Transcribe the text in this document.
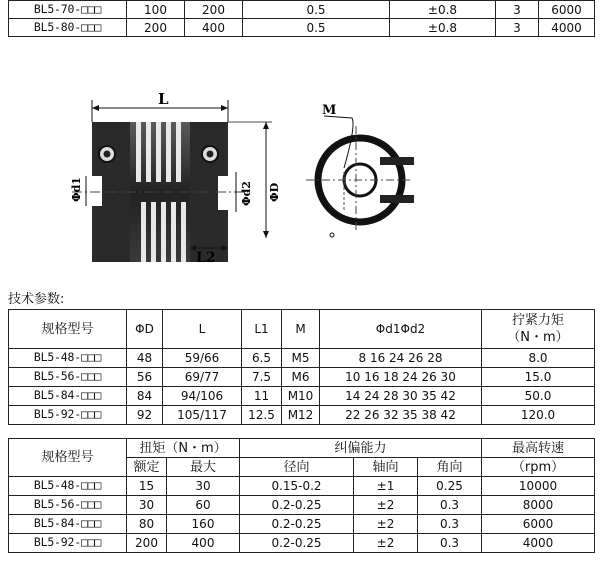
BL5-70-□□□	100	200	0.5	±0.8	3	6000
BL5-80-□□□	200	400	0.5	±0.8	3	4000
L
L2
Φd1	Φd2 ΦD
M
技术参数:
规格型号	ΦD	L	L1	M	Φd1Φd2	拧紧力矩
（N・m）

BL5-48-□□□	48	59/66	6.5	M5	8 16 24 26 28	8.0
BL5-56-□□□	56	69/77	7.5	M6	10 16 18 24 26 30	15.0
BL5-84-□□□	84	94/106	11	M10	14 24 28 30 35 42	50.0
BL5-92-□□□	92	105/117	12.5	M12	22 26 32 35 38 42	120.0
规格型号	扭矩（N・m）		纠偏能力			最高转速
	额定	最大	径向	轴向	角向	（rpm）
BL5-48-□□□	15	30	0.15-0.2	±1	0.25	10000
BL5-56-□□□	30	60	0.2-0.25	±2	0.3	8000
BL5-84-□□□	80	160	0.2-0.25	±2	0.3	6000
BL5-92-□□□	200	400	0.2-0.25	±2	0.3	4000
